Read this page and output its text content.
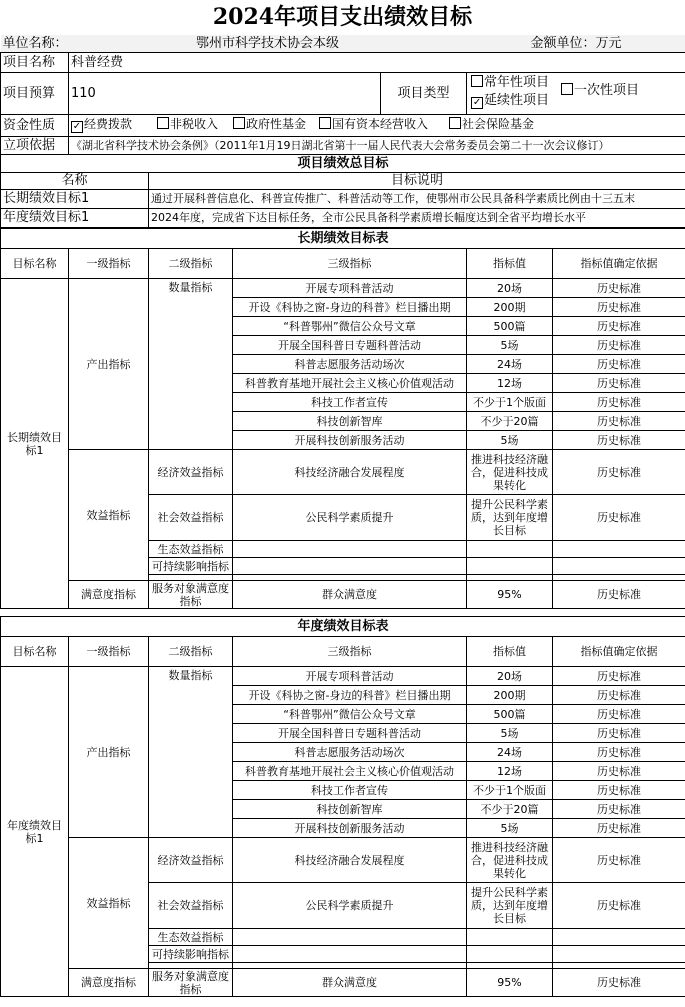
2024年项目支出绩效目标
单位名称：	鄂州市科学技术协会本级			金额单位：万元
项目名称	科普经费			
项目预算	110		项目类型	常年性项目
✓ 延续性项目
一次性项目

资金性质	✓ 经费拨款 非税收入 政府性基金 国有资本经营收入 社会保险基金			
立项依据	《湖北省科学技术协会条例》（2011年1月19日湖北省第十一届人民代表大会常务委员会第二十一次会议修订）			
项目绩效总目标				
名称		目标说明		
长期绩效目标1		通过开展科普信息化、科普宣传推广、科普活动等工作，使鄂州市公民具备科学素质比例由十三五末		
年度绩效目标1		2024年度，完成省下达目标任务，全市公民具备科学素质增长幅度达到全省平均增长水平		
长期绩效目标表					
目标名称	一级指标	二级指标	三级指标	指标值	指标值确定依据
长期绩效目标1	产出指标	数量指标	开展专项科普活动	20场	历史标准
			开设《科协之窗-身边的科普》栏目播出期	200期	历史标准
			“科普鄂州”微信公众号文章	500篇	历史标准
			开展全国科普日专题科普活动	5场	历史标准
			科普志愿服务活动场次	24场	历史标准
			科普教育基地开展社会主义核心价值观活动	12场	历史标准
			科技工作者宣传	不少于1个版面	历史标准
			科技创新智库	不少于20篇	历史标准
			开展科技创新服务活动	5场	历史标准
	效益指标	经济效益指标	科技经济融合发展程度	推进科技经济融合，促进科技成果转化	历史标准
		社会效益指标	公民科学素质提升	提升公民科学素质，达到年度增长目标	历史标准
		生态效益指标			
		可持续影响指标			

	满意度指标	服务对象满意度指标	群众满意度	95%	历史标准
年度绩效目标表					
目标名称	一级指标	二级指标	三级指标	指标值	指标值确定依据
年度绩效目标1	产出指标	数量指标	开展专项科普活动	20场	历史标准
			开设《科协之窗-身边的科普》栏目播出期	200期	历史标准
			“科普鄂州”微信公众号文章	500篇	历史标准
			开展全国科普日专题科普活动	5场	历史标准
			科普志愿服务活动场次	24场	历史标准
			科普教育基地开展社会主义核心价值观活动	12场	历史标准
			科技工作者宣传	不少于1个版面	历史标准
			科技创新智库	不少于20篇	历史标准
			开展科技创新服务活动	5场	历史标准
	效益指标	经济效益指标	科技经济融合发展程度	推进科技经济融合，促进科技成果转化	历史标准
		社会效益指标	公民科学素质提升	提升公民科学素质，达到年度增长目标	历史标准
		生态效益指标			
		可持续影响指标			

	满意度指标	服务对象满意度指标	群众满意度	95%	历史标准
